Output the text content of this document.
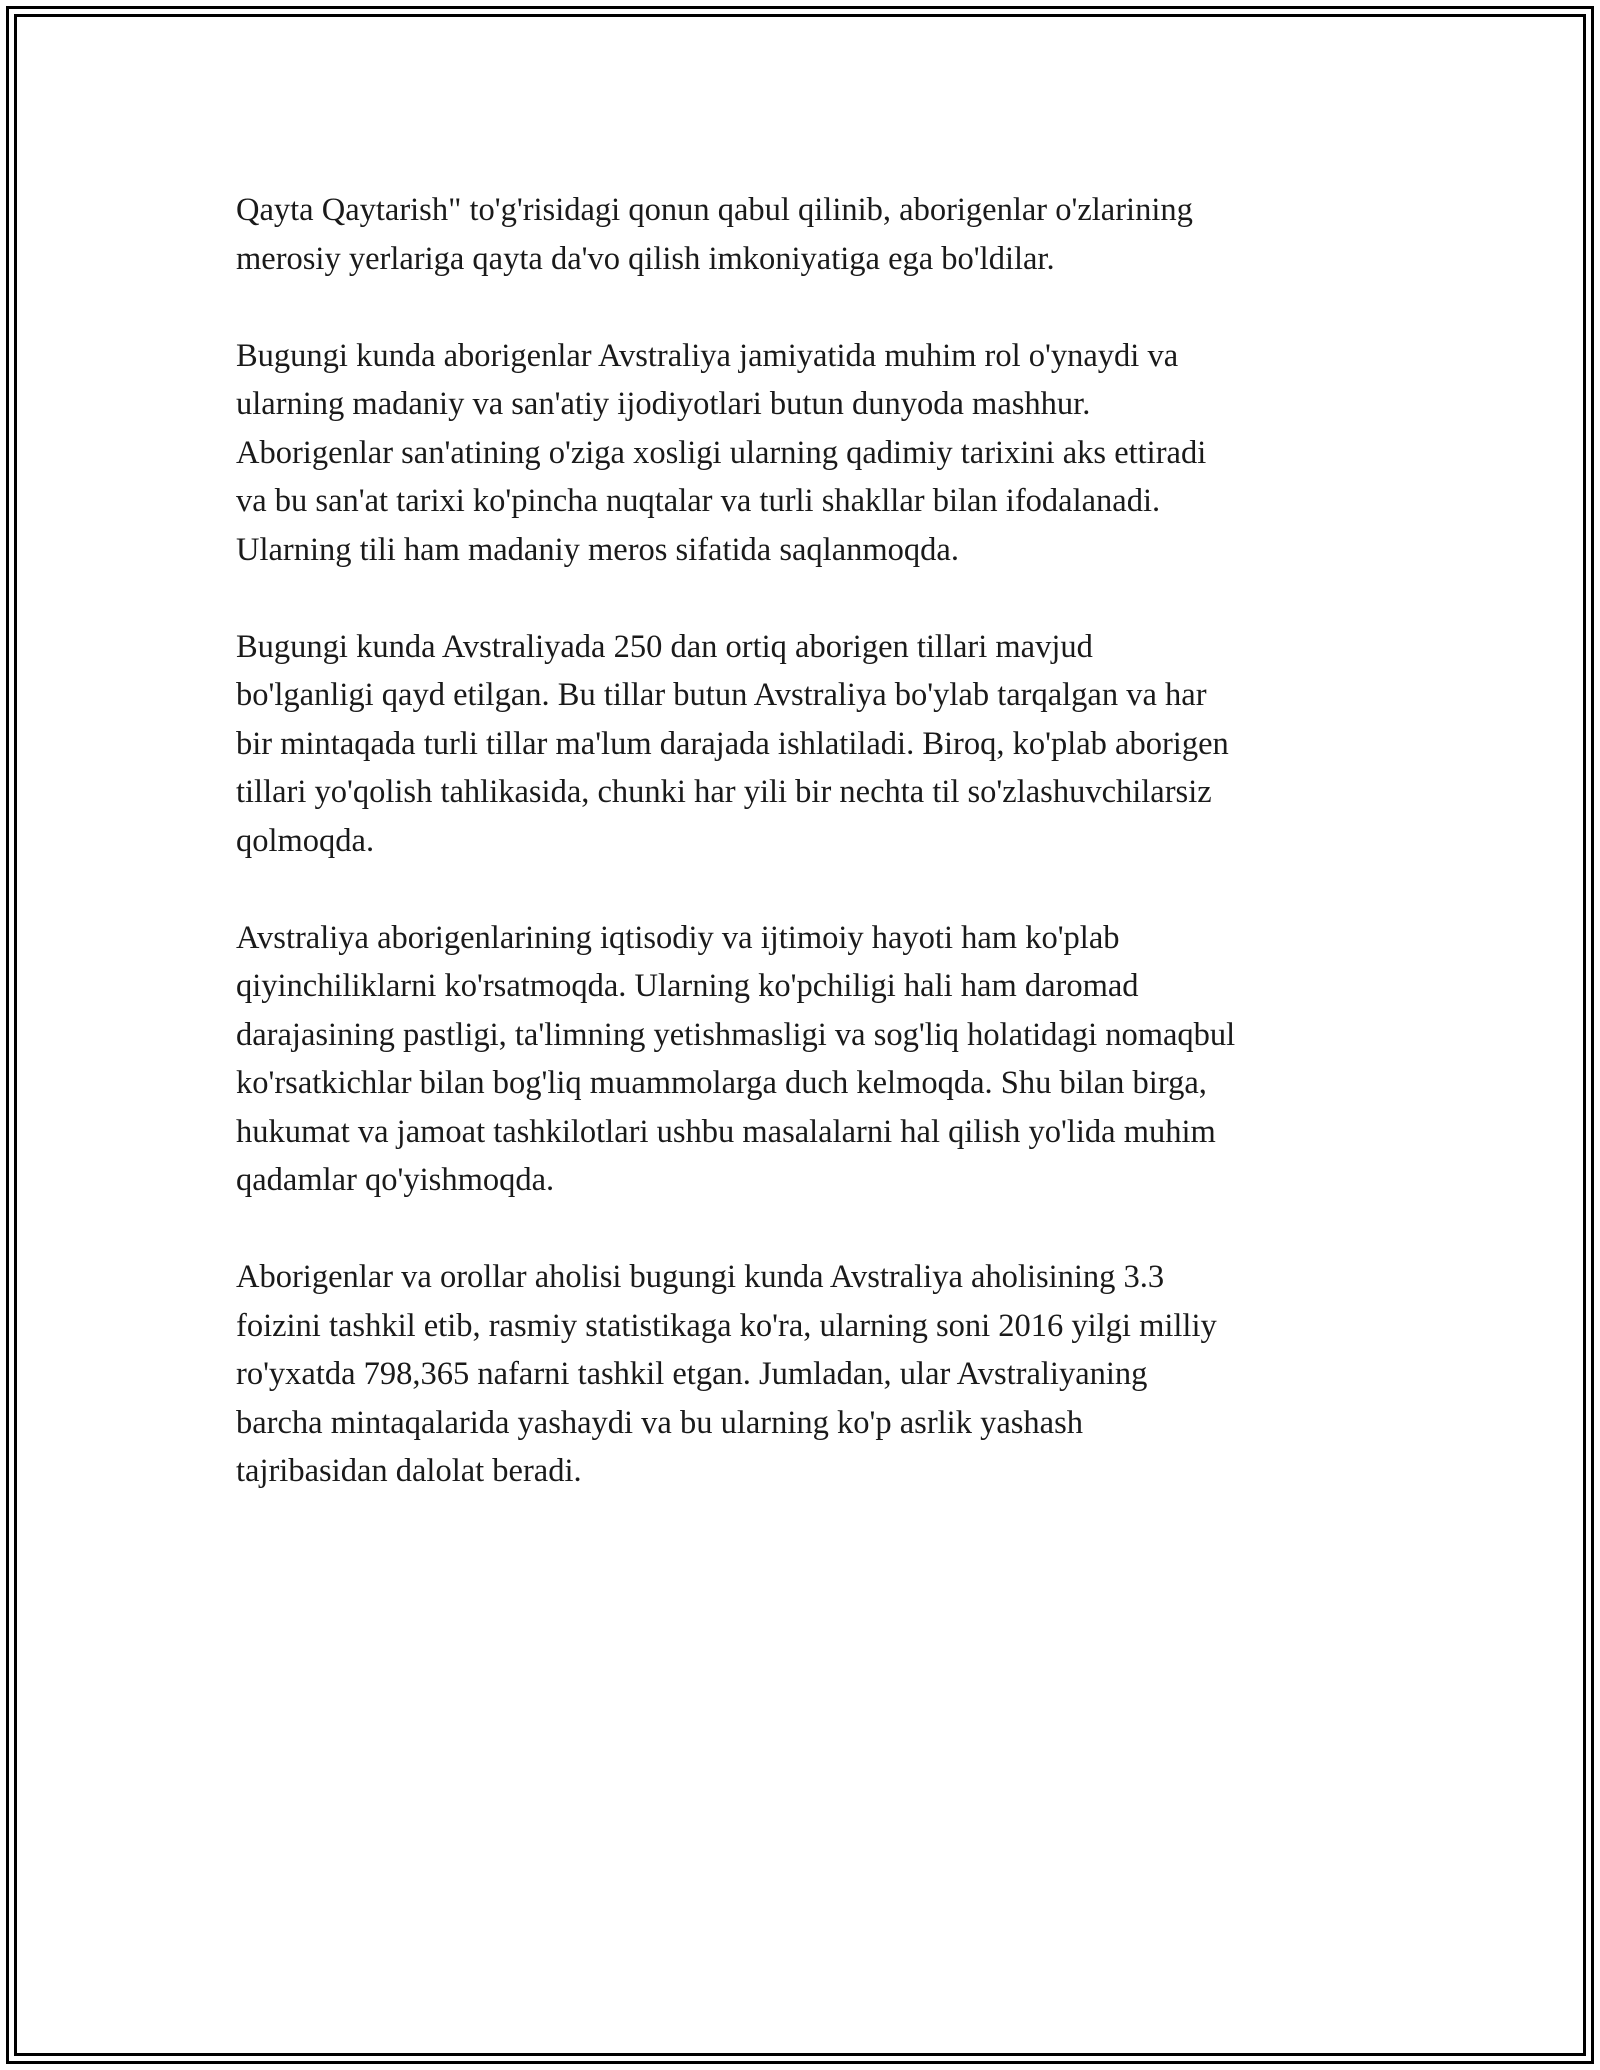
Qayta Qaytarish" to'g'risidagi qonun qabul qilinib, aborigenlar o'zlarining
merosiy yerlariga qayta da'vo qilish imkoniyatiga ega bo'ldilar.

Bugungi kunda aborigenlar Avstraliya jamiyatida muhim rol o'ynaydi va
ularning madaniy va san'atiy ijodiyotlari butun dunyoda mashhur.
Aborigenlar san'atining o'ziga xosligi ularning qadimiy tarixini aks ettiradi
va bu san'at tarixi ko'pincha nuqtalar va turli shakllar bilan ifodalanadi.
Ularning tili ham madaniy meros sifatida saqlanmoqda.

Bugungi kunda Avstraliyada 250 dan ortiq aborigen tillari mavjud
bo'lganligi qayd etilgan. Bu tillar butun Avstraliya bo'ylab tarqalgan va har
bir mintaqada turli tillar ma'lum darajada ishlatiladi. Biroq, ko'plab aborigen
tillari yo'qolish tahlikasida, chunki har yili bir nechta til so'zlashuvchilarsiz
qolmoqda.

Avstraliya aborigenlarining iqtisodiy va ijtimoiy hayoti ham ko'plab
qiyinchiliklarni ko'rsatmoqda. Ularning ko'pchiligi hali ham daromad
darajasining pastligi, ta'limning yetishmasligi va sog'liq holatidagi nomaqbul
ko'rsatkichlar bilan bog'liq muammolarga duch kelmoqda. Shu bilan birga,
hukumat va jamoat tashkilotlari ushbu masalalarni hal qilish yo'lida muhim
qadamlar qo'yishmoqda.

Aborigenlar va orollar aholisi bugungi kunda Avstraliya aholisining 3.3
foizini tashkil etib, rasmiy statistikaga ko'ra, ularning soni 2016 yilgi milliy
ro'yxatda 798,365 nafarni tashkil etgan. Jumladan, ular Avstraliyaning
barcha mintaqalarida yashaydi va bu ularning ko'p asrlik yashash
tajribasidan dalolat beradi.
